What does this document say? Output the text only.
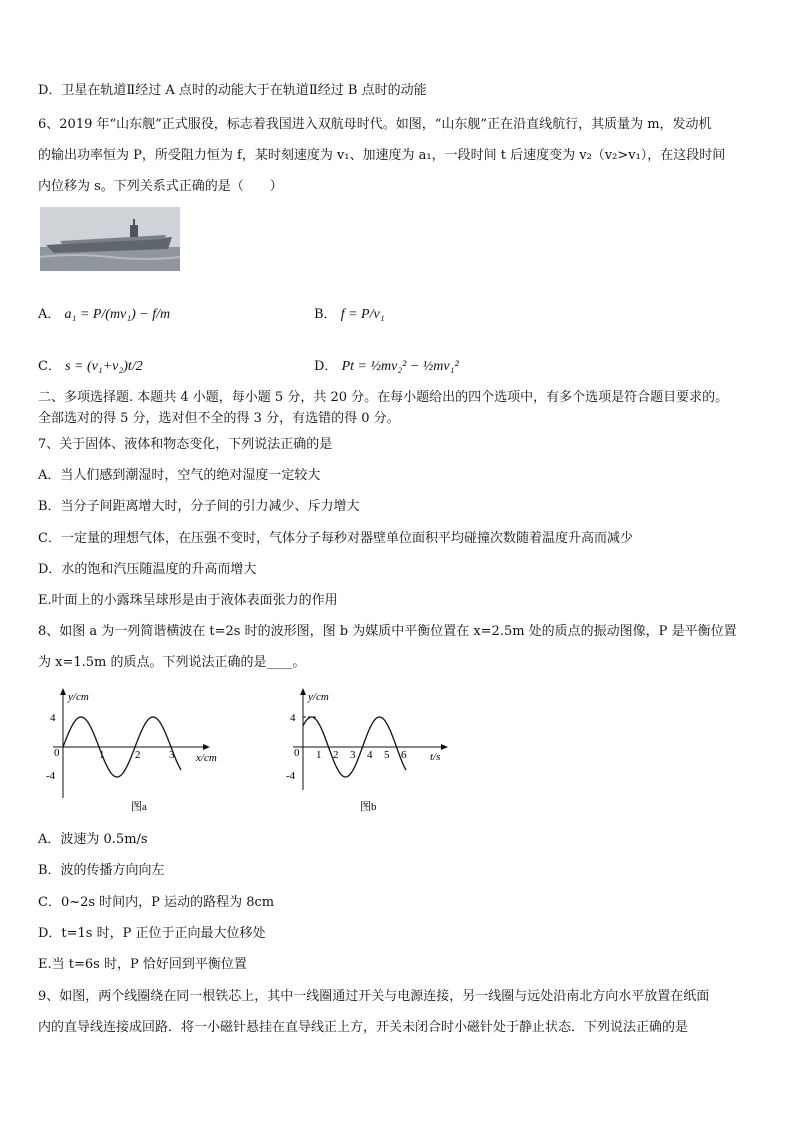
D．卫星在轨道Ⅱ经过 A 点时的动能大于在轨道Ⅱ经过 B 点时的动能
6、2019 年“山东舰”正式服役，标志着我国进入双航母时代。如图，“山东舰”正在沿直线航行，其质量为 m，发动机
的输出功率恒为 P，所受阻力恒为 f，某时刻速度为 v₁、加速度为 a₁，一段时间 t 后速度变为 v₂（v₂>v₁），在这段时间
内位移为 s。下列关系式正确的是（　　）
A． a₁ = P/(mv₁) − f/m	B． f = P/v₁
C． s = (v₁+v₂)t/2	D． Pt = ½mv₂² − ½mv₁²
二、多项选择题. 本题共 4 小题，每小题 5 分，共 20 分。在每小题给出的四个选项中，有多个选项是符合题目要求的。
全部选对的得 5 分，选对但不全的得 3 分，有选错的得 0 分。
7、关于固体、液体和物态变化，下列说法正确的是
A．当人们感到潮湿时，空气的绝对湿度一定较大
B．当分子间距离增大时，分子间的引力减少、斥力增大
C．一定量的理想气体，在压强不变时，气体分子每秒对器壁单位面积平均碰撞次数随着温度升高而减少
D．水的饱和汽压随温度的升高而增大
E.叶面上的小露珠呈球形是由于液体表面张力的作用
8、如图 a 为一列简谐横波在 t=2s 时的波形图，图 b 为媒质中平衡位置在 x=2.5m 处的质点的振动图像，P 是平衡位置
为 x=1.5m 的质点。下列说法正确的是____。
y/cm
x/cm
4
0
-4
1	2	3
图a
y/cm
t/s
4
0
-4
1 2 3 4 5 6
图b
A．波速为 0.5m/s
B．波的传播方向向左
C．0~2s 时间内，P 运动的路程为 8cm
D．t=1s 时，P 正位于正向最大位移处
E.当 t=6s 时，P 恰好回到平衡位置
9、如图，两个线圈绕在同一根铁芯上，其中一线圈通过开关与电源连接，另一线圈与远处沿南北方向水平放置在纸面
内的直导线连接成回路．将一小磁针悬挂在直导线正上方，开关未闭合时小磁针处于静止状态．下列说法正确的是
